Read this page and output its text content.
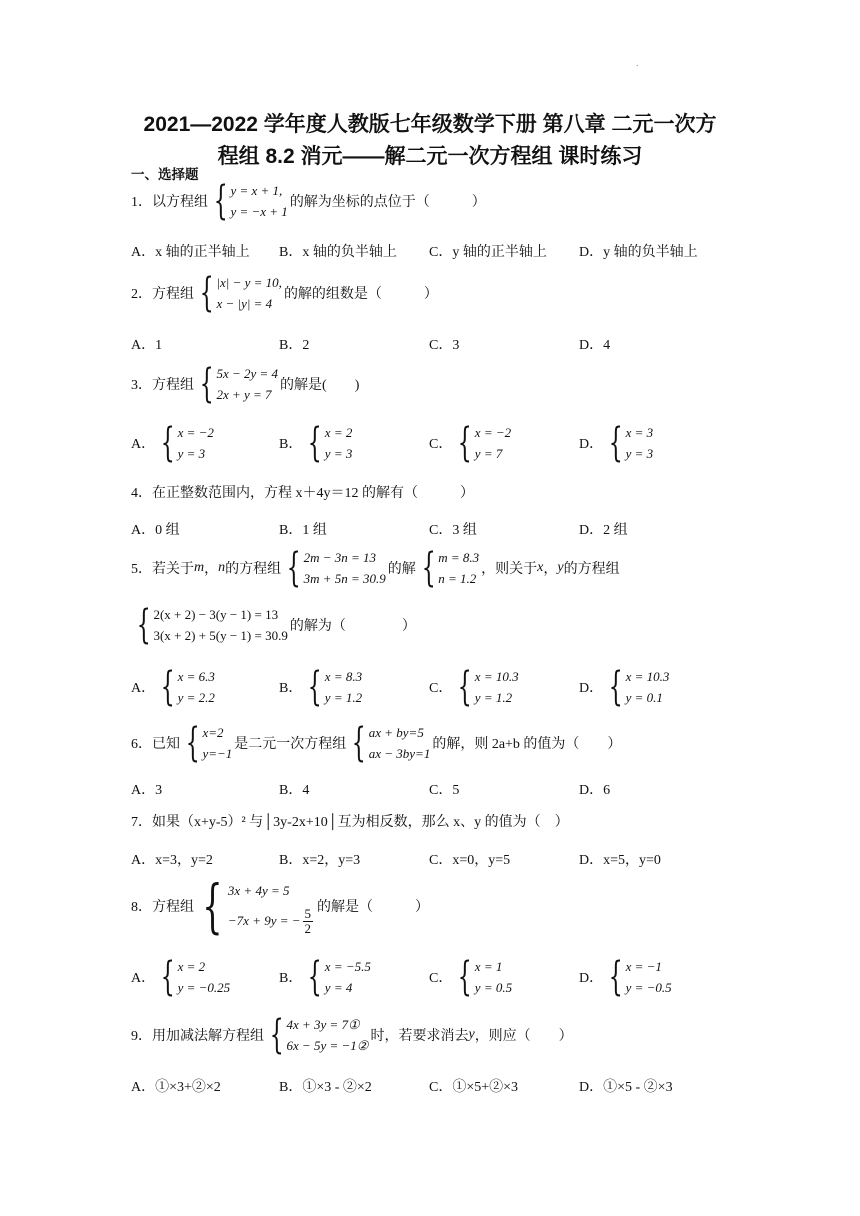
.
2021—2022 学年度人教版七年级数学下册 第八章 二元一次方
程组 8.2 消元——解二元一次方程组 课时练习
一、选择题
1． 以方程组 { y = x + 1,
y = −x + 1
的解为坐标的点位于（　　　）
A．x 轴的正半轴上 B．x 轴的负半轴上 C．y 轴的正半轴上 D．y 轴的负半轴上
2． 方程组 { |x| − y = 10,
x − |y| = 4
的解的组数是（　　　）
A．1	B．2	C．3	D．4
3． 方程组 { 5x − 2y = 4
2x + y = 7
的解是(　　)
A． { x = −2
y = 3
B． { x = 2
y = 3
C． { x = −2
y = 7
D． { x = 3
y = 3
4． 在正整数范围内，方程 x＋4y＝12 的解有（　　　）
A．0 组	B．1 组	C．3 组	D．2 组
5． 若关于 m ， n 的方程组 { 2m − 3n = 13
3m + 5n = 30.9
的解 { m = 8.3
n = 1.2
，则关于 x ， y 的方程组
{ 2(x + 2) − 3(y − 1) = 13
3(x + 2) + 5(y − 1) = 30.9
的解为（　　　　）
A． { x = 6.3
y = 2.2
B． { x = 8.3
y = 1.2
C． { x = 10.3
y = 1.2
D． { x = 10.3
y = 0.1
6． 已知 { x=2
y=−1
是二元一次方程组 { ax + by=5
ax − 3by=1
的解，则 2a+b 的值为（　　）
A．3	B．4	C．5	D．6
7． 如果（x+y-5）² 与│3y-2x+10│互为相反数，那么 x、y 的值为（　）
A．x=3，y=2	B．x=2，y=3	C．x=0，y=5	D．x=5，y=0
8． 方程组 { 3x + 4y = 5
−7x + 9y = − $\frac{5}{2}$ 的解是（　　　）
A． { x = 2
y = −0.25
B． { x = −5.5
y = 4
C． { x = 1
y = 0.5
D． { x = −1
y = −0.5
9． 用加减法解方程组 { 4x + 3y = 7①
6x − 5y = −1②
时，若要求消去 y ，则应（　　）
A．①×3+②×2	B．①×3 - ②×2	C．①×5+②×3	D．①×5 - ②×3
